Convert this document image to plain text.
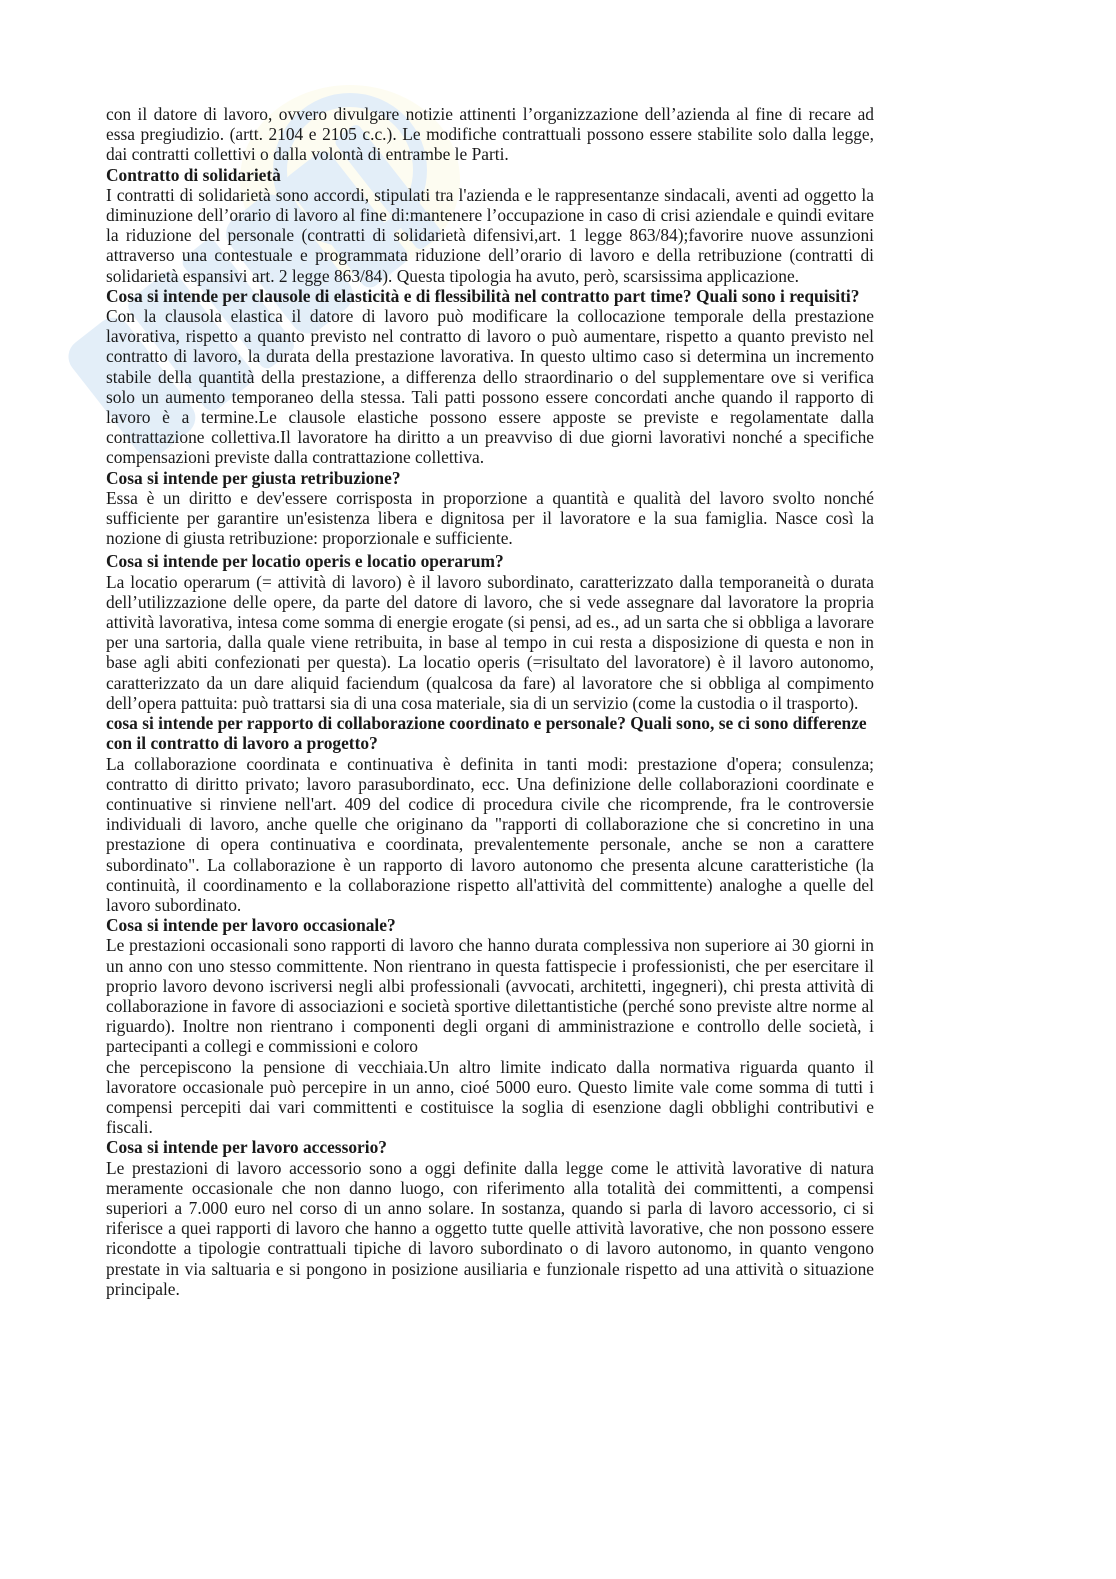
con il datore di lavoro, ovvero divulgare notizie attinenti l’organizzazione dell’azienda al fine di recare ad essa pregiudizio. (artt. 2104 e 2105 c.c.). Le modifiche contrattuali possono essere stabilite solo dalla legge, dai contratti collettivi o dalla volontà di entrambe le Parti.

Contratto di solidarietà

I contratti di solidarietà sono accordi, stipulati tra l'azienda e le rappresentanze sindacali, aventi ad oggetto la diminuzione dell’orario di lavoro al fine di:mantenere l’occupazione in caso di crisi aziendale e quindi evitare la riduzione del personale (contratti di solidarietà difensivi,art. 1 legge 863/84);favorire nuove assunzioni attraverso una contestuale e programmata riduzione dell’orario di lavoro e della retribuzione (contratti di solidarietà espansivi art. 2 legge 863/84). Questa tipologia ha avuto, però, scarsissima applicazione.

Cosa si intende per clausole di elasticità e di flessibilità nel contratto part time? Quali sono i requisiti?

Con la clausola elastica il datore di lavoro può modificare la collocazione temporale della prestazione lavorativa, rispetto a quanto previsto nel contratto di lavoro o può aumentare, rispetto a quanto previsto nel contratto di lavoro, la durata della prestazione lavorativa. In questo ultimo caso si determina un incremento stabile della quantità della prestazione, a differenza dello straordinario o del supplementare ove si verifica solo un aumento temporaneo della stessa. Tali patti possono essere concordati anche quando il rapporto di lavoro è a termine.Le clausole elastiche possono essere apposte se previste e regolamentate dalla contrattazione collettiva.Il lavoratore ha diritto a un preavviso di due giorni lavorativi nonché a specifiche compensazioni previste dalla contrattazione collettiva.

Cosa si intende per giusta retribuzione?

Essa è un diritto e dev'essere corrisposta in proporzione a quantità e qualità del lavoro svolto nonché sufficiente per garantire un'esistenza libera e dignitosa per il lavoratore e la sua famiglia. Nasce così la nozione di giusta retribuzione: proporzionale e sufficiente.

Cosa si intende per locatio operis e locatio operarum?

La locatio operarum (= attività di lavoro) è il lavoro subordinato, caratterizzato dalla temporaneità o durata dell’utilizzazione delle opere, da parte del datore di lavoro, che si vede assegnare dal lavoratore la propria attività lavorativa, intesa come somma di energie erogate (si pensi, ad es., ad un sarta che si obbliga a lavorare per una sartoria, dalla quale viene retribuita, in base al tempo in cui resta a disposizione di questa e non in base agli abiti confezionati per questa). La locatio operis (=risultato del lavoratore) è il lavoro autonomo, caratterizzato da un dare aliquid faciendum (qualcosa da fare) al lavoratore che si obbliga al compimento dell’opera pattuita: può trattarsi sia di una cosa materiale, sia di un servizio (come la custodia o il trasporto).

cosa si intende per rapporto di collaborazione coordinato e personale? Quali sono, se ci sono differenze con il contratto di lavoro a progetto?

La collaborazione coordinata e continuativa è definita in tanti modi: prestazione d'opera; consulenza; contratto di diritto privato; lavoro parasubordinato, ecc. Una definizione delle collaborazioni coordinate e continuative si rinviene nell'art. 409 del codice di procedura civile che ricomprende, fra le controversie individuali di lavoro, anche quelle che originano da "rapporti di collaborazione che si concretino in una prestazione di opera continuativa e coordinata, prevalentemente personale, anche se non a carattere subordinato". La collaborazione è un rapporto di lavoro autonomo che presenta alcune caratteristiche (la continuità, il coordinamento e la collaborazione rispetto all'attività del committente) analoghe a quelle del lavoro subordinato.

Cosa si intende per lavoro occasionale?

Le prestazioni occasionali sono rapporti di lavoro che hanno durata complessiva non superiore ai 30 giorni in un anno con uno stesso committente. Non rientrano in questa fattispecie i professionisti, che per esercitare il proprio lavoro devono iscriversi negli albi professionali (avvocati, architetti, ingegneri), chi presta attività di collaborazione in favore di associazioni e società sportive dilettantistiche (perché sono previste altre norme al riguardo). Inoltre non rientrano i componenti degli organi di amministrazione e controllo delle società, i partecipanti a collegi e commissioni e coloro

che percepiscono la pensione di vecchiaia.Un altro limite indicato dalla normativa riguarda quanto il lavoratore occasionale può percepire in un anno, cioé 5000 euro. Questo limite vale come somma di tutti i compensi percepiti dai vari committenti e costituisce la soglia di esenzione dagli obblighi contributivi e fiscali.

Cosa si intende per lavoro accessorio?

Le prestazioni di lavoro accessorio sono a oggi definite dalla legge come le attività lavorative di natura meramente occasionale che non danno luogo, con riferimento alla totalità dei committenti, a compensi superiori a 7.000 euro nel corso di un anno solare. In sostanza, quando si parla di lavoro accessorio, ci si riferisce a quei rapporti di lavoro che hanno a oggetto tutte quelle attività lavorative, che non possono essere ricondotte a tipologie contrattuali tipiche di lavoro subordinato o di lavoro autonomo, in quanto vengono prestate in via saltuaria e si pongono in posizione ausiliaria e funzionale rispetto ad una attività o situazione principale.
